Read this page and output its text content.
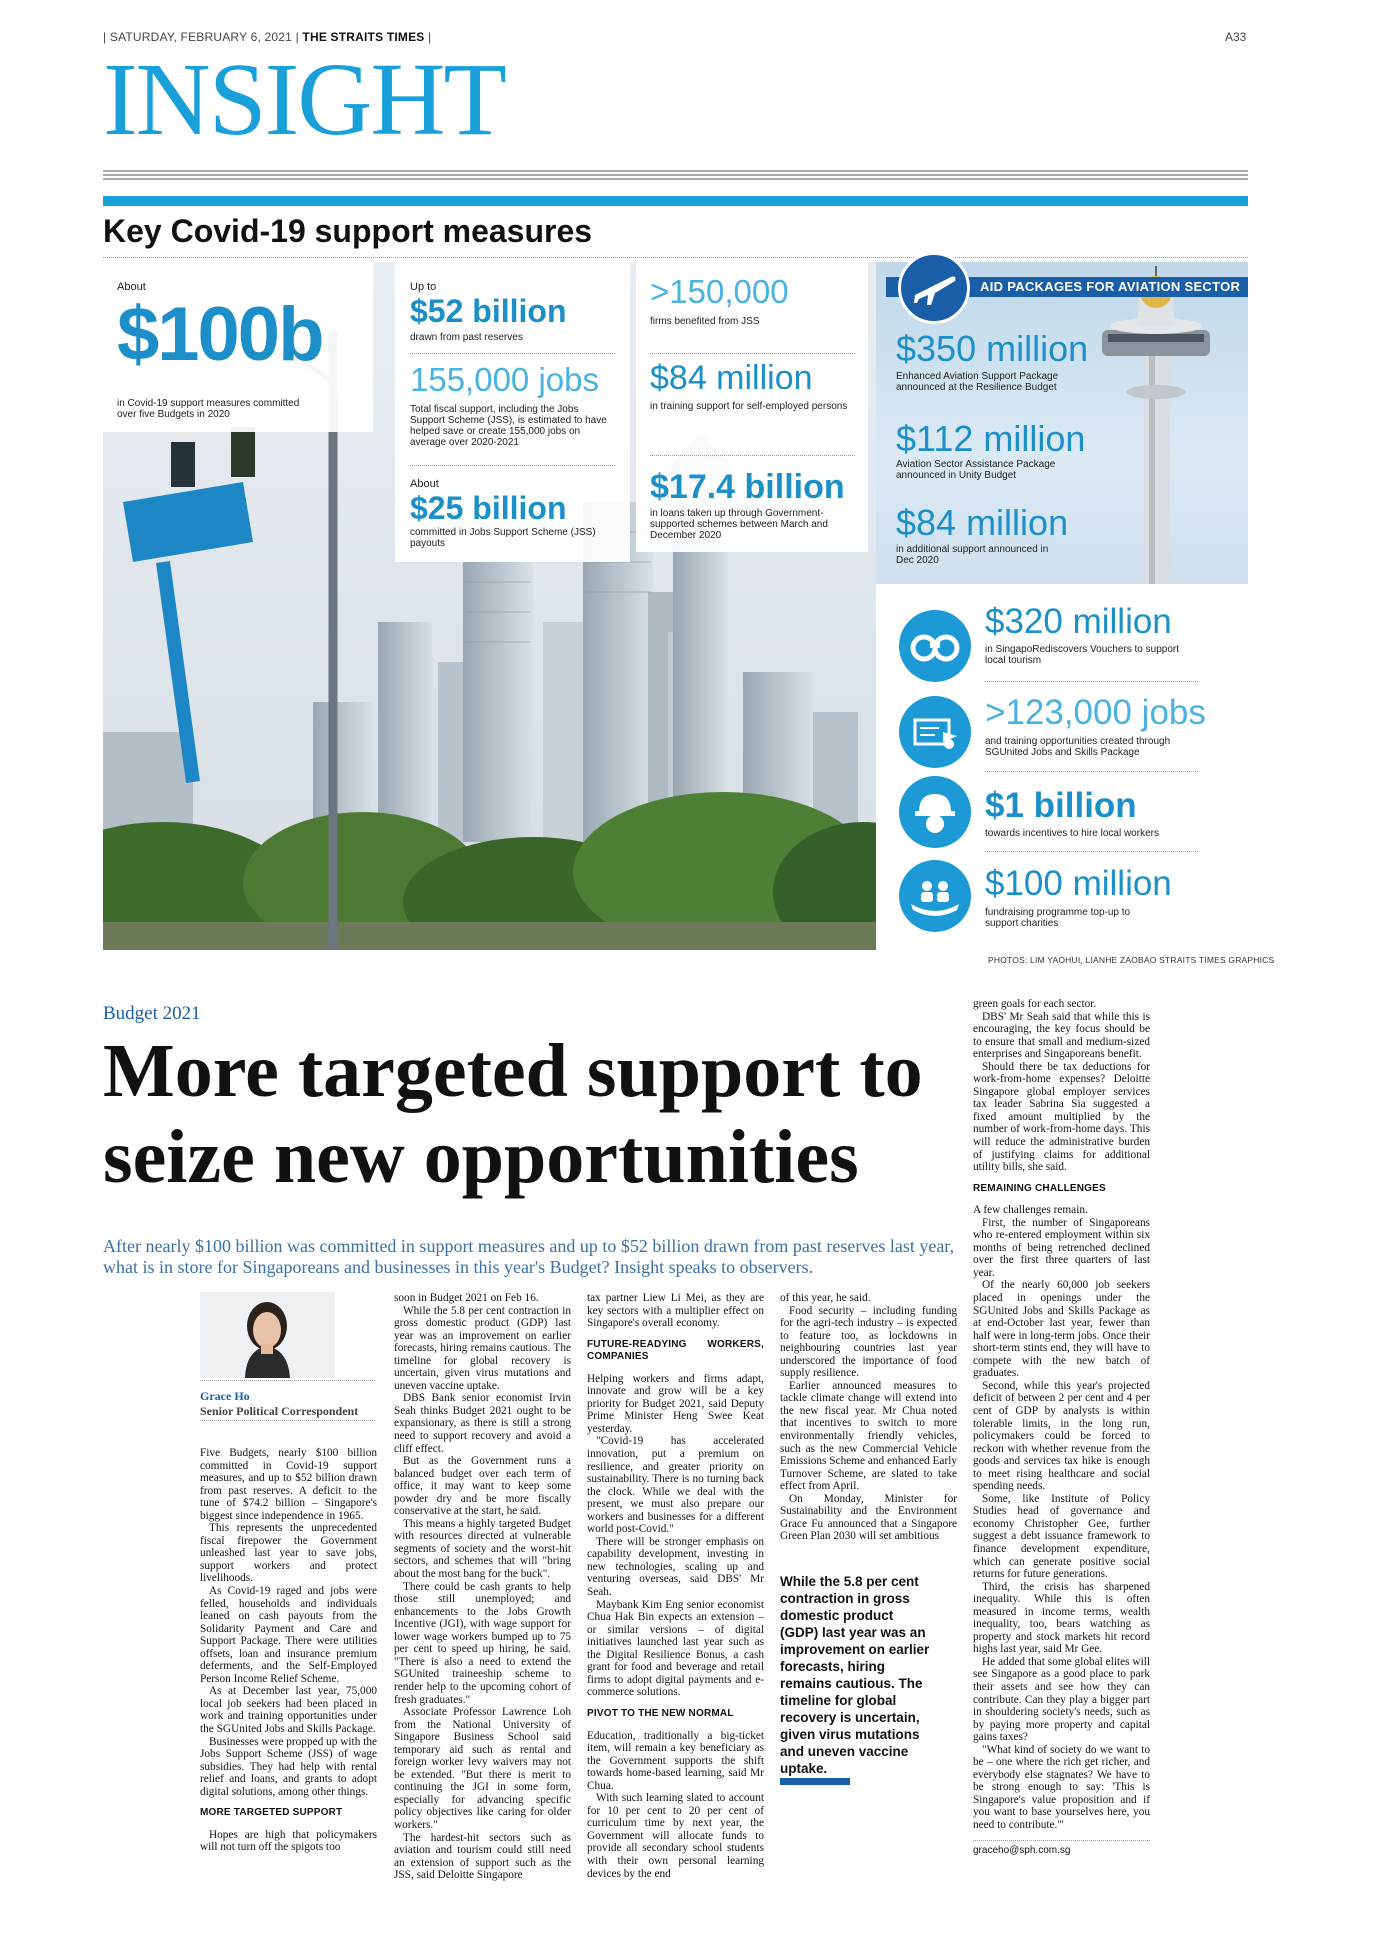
| SATURDAY, FEBRUARY 6, 2021 | THE STRAITS TIMES |	A33
INSIGHT
Key Covid-19 support measures
About
$100b
in Covid-19 support measures committed over five Budgets in 2020
Up to
$52 billion
drawn from past reserves
155,000 jobs
Total fiscal support, including the Jobs Support Scheme (JSS), is estimated to have helped save or create 155,000 jobs on average over 2020-2021
About
$25 billion
committed in Jobs Support Scheme (JSS) payouts
>150,000
firms benefited from JSS
$84 million
in training support for self-employed persons
$17.4 billion
in loans taken up through Government-supported schemes between March and December 2020
AID PACKAGES FOR AVIATION SECTOR
$350 million
Enhanced Aviation Support Package announced at the Resilience Budget
$112 million
Aviation Sector Assistance Package announced in Unity Budget
$84 million
in additional support announced in Dec 2020
$320 million
in SingapoRediscovers Vouchers to support local tourism
>123,000 jobs
and training opportunities created through SGUnited Jobs and Skills Package
$1 billion
towards incentives to hire local workers
$100 million
fundraising programme top-up to support charities
PHOTOS: LIM YAOHUI, LIANHE ZAOBAO STRAITS TIMES GRAPHICS
Budget 2021
More targeted support to seize new opportunities
After nearly $100 billion was committed in support measures and up to $52 billion drawn from past reserves last year, what is in store for Singaporeans and businesses in this year's Budget? Insight speaks to observers.
Grace Ho
Senior Political Correspondent

Five Budgets, nearly $100 billion committed in Covid-19 support measures, and up to $52 billion drawn from past reserves. A deficit to the tune of $74.2 billion – Singapore's biggest since independence in 1965.

This represents the unprecedented fiscal firepower the Government unleashed last year to save jobs, support workers and protect livelihoods.

As Covid-19 raged and jobs were felled, households and individuals leaned on cash payouts from the Solidarity Payment and Care and Support Package. There were utilities offsets, loan and insurance premium deferments, and the Self-Employed Person Income Relief Scheme.

As at December last year, 75,000 local job seekers had been placed in work and training opportunities under the SGUnited Jobs and Skills Package.

Businesses were propped up with the Jobs Support Scheme (JSS) of wage subsidies. They had help with rental relief and loans, and grants to adopt digital solutions, among other things.

MORE TARGETED SUPPORT

Hopes are high that policymakers will not turn off the spigots too

soon in Budget 2021 on Feb 16.

While the 5.8 per cent contraction in gross domestic product (GDP) last year was an improvement on earlier forecasts, hiring remains cautious. The timeline for global recovery is uncertain, given virus mutations and uneven vaccine uptake.

DBS Bank senior economist Irvin Seah thinks Budget 2021 ought to be expansionary, as there is still a strong need to support recovery and avoid a cliff effect.

But as the Government runs a balanced budget over each term of office, it may want to keep some powder dry and be more fiscally conservative at the start, he said.

This means a highly targeted Budget with resources directed at vulnerable segments of society and the worst-hit sectors, and schemes that will "bring about the most bang for the buck".

There could be cash grants to help those still unemployed; and enhancements to the Jobs Growth Incentive (JGI), with wage support for lower wage workers bumped up to 75 per cent to speed up hiring, he said. "There is also a need to extend the SGUnited traineeship scheme to render help to the upcoming cohort of fresh graduates."

Associate Professor Lawrence Loh from the National University of Singapore Business School said temporary aid such as rental and foreign worker levy waivers may not be extended. "But there is merit to continuing the JGI in some form, especially for advancing specific policy objectives like caring for older workers."

The hardest-hit sectors such as aviation and tourism could still need an extension of support such as the JSS, said Deloitte Singapore

tax partner Liew Li Mei, as they are key sectors with a multiplier effect on Singapore's overall economy.

FUTURE-READYING WORKERS, COMPANIES

Helping workers and firms adapt, innovate and grow will be a key priority for Budget 2021, said Deputy Prime Minister Heng Swee Keat yesterday.

"Covid-19 has accelerated innovation, put a premium on resilience, and greater priority on sustainability. There is no turning back the clock. While we deal with the present, we must also prepare our workers and businesses for a different world post-Covid."

There will be stronger emphasis on capability development, investing in new technologies, scaling up and venturing overseas, said DBS' Mr Seah.

Maybank Kim Eng senior economist Chua Hak Bin expects an extension – or similar versions – of digital initiatives launched last year such as the Digital Resilience Bonus, a cash grant for food and beverage and retail firms to adopt digital payments and e-commerce solutions.

PIVOT TO THE NEW NORMAL

Education, traditionally a big-ticket item, will remain a key beneficiary as the Government supports the shift towards home-based learning, said Mr Chua.

With such learning slated to account for 10 per cent to 20 per cent of curriculum time by next year, the Government will allocate funds to provide all secondary school students with their own personal learning devices by the end

of this year, he said.

Food security – including funding for the agri-tech industry – is expected to feature too, as lockdowns in neighbouring countries last year underscored the importance of food supply resilience.

Earlier announced measures to tackle climate change will extend into the new fiscal year. Mr Chua noted that incentives to switch to more environmentally friendly vehicles, such as the new Commercial Vehicle Emissions Scheme and enhanced Early Turnover Scheme, are slated to take effect from April.

On Monday, Minister for Sustainability and the Environment Grace Fu announced that a Singapore Green Plan 2030 will set ambitious

While the 5.8 per cent contraction in gross domestic product (GDP) last year was an improvement on earlier forecasts, hiring remains cautious. The timeline for global recovery is uncertain, given virus mutations and uneven vaccine uptake.

green goals for each sector.

DBS' Mr Seah said that while this is encouraging, the key focus should be to ensure that small and medium-sized enterprises and Singaporeans benefit.

Should there be tax deductions for work-from-home expenses? Deloitte Singapore global employer services tax leader Sabrina Sia suggested a fixed amount multiplied by the number of work-from-home days. This will reduce the administrative burden of justifying claims for additional utility bills, she said.

REMAINING CHALLENGES

A few challenges remain.

First, the number of Singaporeans who re-entered employment within six months of being retrenched declined over the first three quarters of last year.

Of the nearly 60,000 job seekers placed in openings under the SGUnited Jobs and Skills Package as at end-October last year, fewer than half were in long-term jobs. Once their short-term stints end, they will have to compete with the new batch of graduates.

Second, while this year's projected deficit of between 2 per cent and 4 per cent of GDP by analysts is within tolerable limits, in the long run, policymakers could be forced to reckon with whether revenue from the goods and services tax hike is enough to meet rising healthcare and social spending needs.

Some, like Institute of Policy Studies head of governance and economy Christopher Gee, further suggest a debt issuance framework to finance development expenditure, which can generate positive social returns for future generations.

Third, the crisis has sharpened inequality. While this is often measured in income terms, wealth inequality, too, bears watching as property and stock markets hit record highs last year, said Mr Gee.

He added that some global elites will see Singapore as a good place to park their assets and see how they can contribute. Can they play a bigger part in shouldering society's needs, such as by paying more property and capital gains taxes?

"What kind of society do we want to be – one where the rich get richer, and everybody else stagnates? We have to be strong enough to say: 'This is Singapore's value proposition and if you want to base yourselves here, you need to contribute.'"

graceho@sph.com.sg
